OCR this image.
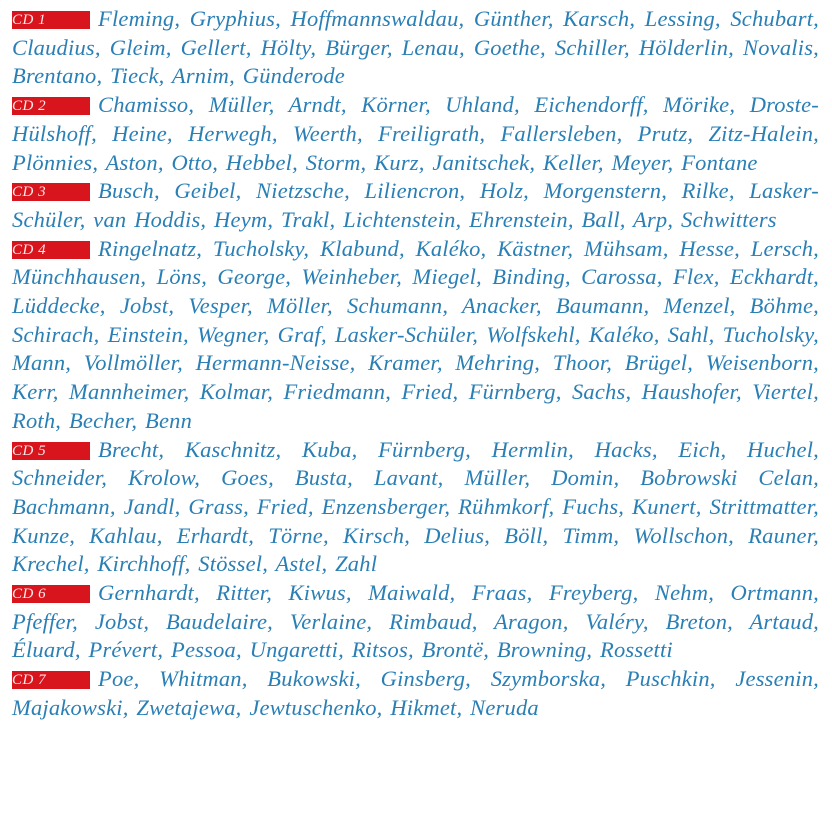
CD 1 Fleming, Gryphius, Hoffmannswaldau, Günther, Karsch, Lessing, Schubart, Claudius, Gleim, Gellert, Hölty, Bürger, Lenau, Goethe, Schiller, Hölderlin, Novalis, Brentano, Tieck, Arnim, Günderode
CD 2 Chamisso, Müller, Arndt, Körner, Uhland, Eichendorff, Mörike, Droste-Hülshoff, Heine, Herwegh, Weerth, Freiligrath, Fallersleben, Prutz, Zitz-Halein, Plönnies, Aston, Otto, Hebbel, Storm, Kurz, Janitschek, Keller, Meyer, Fontane
CD 3 Busch, Geibel, Nietzsche, Liliencron, Holz, Morgenstern, Rilke, Lasker-Schüler, van Hoddis, Heym, Trakl, Lichtenstein, Ehrenstein, Ball, Arp, Schwitters
CD 4 Ringelnatz, Tucholsky, Klabund, Kaléko, Kästner, Mühsam, Hesse, Lersch, Münchhausen, Löns, George, Weinheber, Miegel, Binding, Carossa, Flex, Eckhardt, Lüddecke, Jobst, Vesper, Möller, Schumann, Anacker, Baumann, Menzel, Böhme, Schirach, Einstein, Wegner, Graf, Lasker-Schüler, Wolfskehl, Kaléko, Sahl, Tucholsky, Mann, Vollmöller, Hermann-Neisse, Kramer, Mehring, Thoor, Brügel, Weisenborn, Kerr, Mannheimer, Kolmar, Friedmann, Fried, Fürnberg, Sachs, Haushofer, Viertel, Roth, Becher, Benn
CD 5 Brecht, Kaschnitz, Kuba, Fürnberg, Hermlin, Hacks, Eich, Huchel, Schneider, Krolow, Goes, Busta, Lavant, Müller, Domin, Bobrowski Celan, Bachmann, Jandl, Grass, Fried, Enzensberger, Rühmkorf, Fuchs, Kunert, Strittmatter, Kunze, Kahlau, Erhardt, Törne, Kirsch, Delius, Böll, Timm, Wollschon, Rauner, Krechel, Kirchhoff, Stössel, Astel, Zahl
CD 6 Gernhardt, Ritter, Kiwus, Maiwald, Fraas, Freyberg, Nehm, Ortmann, Pfeffer, Jobst, Baudelaire, Verlaine, Rimbaud, Aragon, Valéry, Breton, Artaud, Éluard, Prévert, Pessoa, Ungaretti, Ritsos, Brontë, Browning, Rossetti
CD 7 Poe, Whitman, Bukowski, Ginsberg, Szymborska, Puschkin, Jessenin, Majakowski, Zwetajewa, Jewtuschenko, Hikmet, Neruda
